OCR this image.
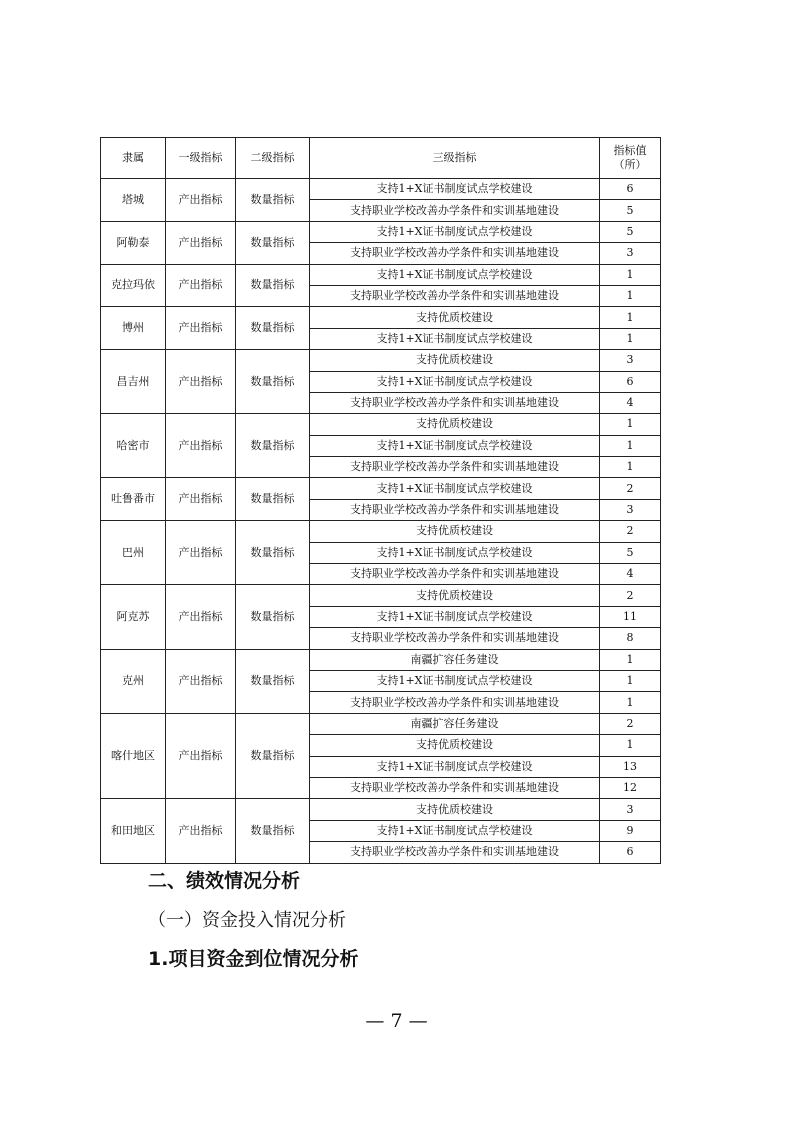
隶属	一级指标	二级指标	三级指标	指标值（所）
塔城	产出指标	数量指标	支持1+X证书制度试点学校建设	6
			支持职业学校改善办学条件和实训基地建设	5
阿勒泰	产出指标	数量指标	支持1+X证书制度试点学校建设	5
			支持职业学校改善办学条件和实训基地建设	3
克拉玛依	产出指标	数量指标	支持1+X证书制度试点学校建设	1
			支持职业学校改善办学条件和实训基地建设	1
博州	产出指标	数量指标	支持优质校建设	1
			支持1+X证书制度试点学校建设	1
昌吉州	产出指标	数量指标	支持优质校建设	3
			支持1+X证书制度试点学校建设	6
			支持职业学校改善办学条件和实训基地建设	4
哈密市	产出指标	数量指标	支持优质校建设	1
			支持1+X证书制度试点学校建设	1
			支持职业学校改善办学条件和实训基地建设	1
吐鲁番市	产出指标	数量指标	支持1+X证书制度试点学校建设	2
			支持职业学校改善办学条件和实训基地建设	3
巴州	产出指标	数量指标	支持优质校建设	2
			支持1+X证书制度试点学校建设	5
			支持职业学校改善办学条件和实训基地建设	4
阿克苏	产出指标	数量指标	支持优质校建设	2
			支持1+X证书制度试点学校建设	11
			支持职业学校改善办学条件和实训基地建设	8
克州	产出指标	数量指标	南疆扩容任务建设	1
			支持1+X证书制度试点学校建设	1
			支持职业学校改善办学条件和实训基地建设	1
喀什地区	产出指标	数量指标	南疆扩容任务建设	2
			支持优质校建设	1
			支持1+X证书制度试点学校建设	13
			支持职业学校改善办学条件和实训基地建设	12
和田地区	产出指标	数量指标	支持优质校建设	3
			支持1+X证书制度试点学校建设	9
			支持职业学校改善办学条件和实训基地建设	6
二、绩效情况分析
（一）资金投入情况分析
1.项目资金到位情况分析
— 7 —
